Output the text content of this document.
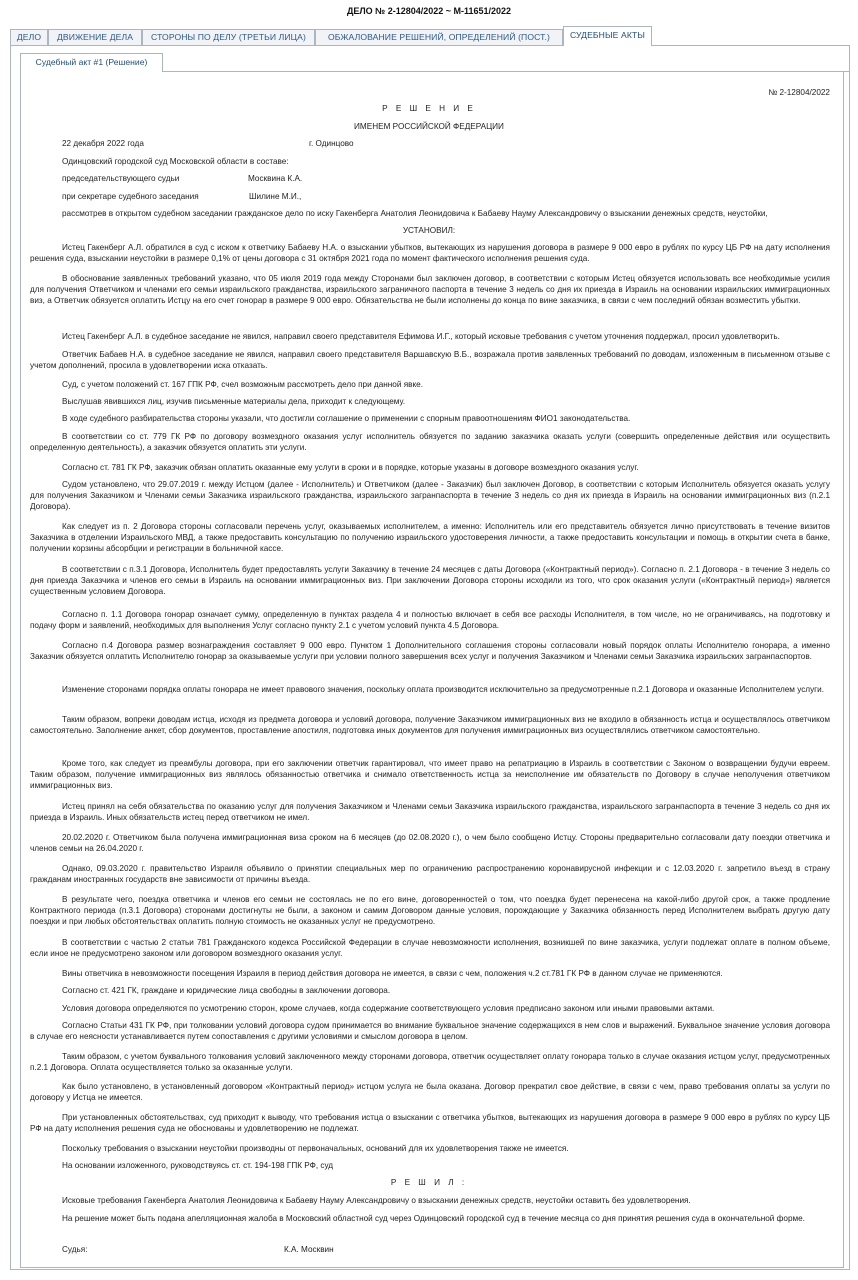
ДЕЛО № 2-12804/2022 ~ М-11651/2022
ДЕЛО	ДВИЖЕНИЕ ДЕЛА	СТОРОНЫ ПО ДЕЛУ (ТРЕТЬИ ЛИЦА)	ОБЖАЛОВАНИЕ РЕШЕНИЙ, ОПРЕДЕЛЕНИЙ (ПОСТ.)	СУДЕБНЫЕ АКТЫ
Судебный акт #1 (Решение)
№ 2-12804/2022
Р Е Ш Е Н И Е
ИМЕНЕМ РОССИЙСКОЙ ФЕДЕРАЦИИ
22 декабря 2022 года	г. Одинцово
Одинцовский городской суд Московской области в составе:
председательствующего судьи	Москвина К.А.
при секретаре судебного заседания	Шилине М.И.,
рассмотрев в открытом судебном заседании гражданское дело по иску Гакенберга Анатолия Леонидовича к Бабаеву Науму Александровичу о взыскании денежных средств, неустойки,
УСТАНОВИЛ:
Истец Гакенберг А.Л. обратился в суд с иском к ответчику Бабаеву Н.А. о взыскании убытков, вытекающих из нарушения договора в размере 9 000 евро в рублях по курсу ЦБ РФ на дату исполнения решения суда, взыскании неустойки в размере 0,1% от цены договора с 31 октября 2021 года по момент фактического исполнения решения суда.
В обоснование заявленных требований указано, что 05 июля 2019 года между Сторонами был заключен договор, в соответствии с которым Истец обязуется использовать все необходимые усилия для получения Ответчиком и членами его семьи израильского гражданства, израильского заграничного паспорта в течение 3 недель со дня их приезда в Израиль на основании израильских иммиграционных виз, а Ответчик обязуется оплатить Истцу на его счет гонорар в размере 9 000 евро. Обязательства не были исполнены до конца по вине заказчика, в связи с чем последний обязан возместить убытки.
Истец Гакенберг А.Л. в судебное заседание не явился, направил своего представителя Ефимова И.Г., который исковые требования с учетом уточнения поддержал, просил удовлетворить.
Ответчик Бабаев Н.А. в судебное заседание не явился, направил своего представителя Варшавскую В.Б., возражала против заявленных требований по доводам, изложенным в письменном отзыве с учетом дополнений, просила в удовлетворении иска отказать.
Суд, с учетом положений ст. 167 ГПК РФ, счел возможным рассмотреть дело при данной явке.
Выслушав явившихся лиц, изучив письменные материалы дела, приходит к следующему.
В ходе судебного разбирательства стороны указали, что достигли соглашение о применении с спорным правоотношениям ФИО1 законодательства.
В соответствии со ст. 779 ГК РФ по договору возмездного оказания услуг исполнитель обязуется по заданию заказчика оказать услуги (совершить определенные действия или осуществить определенную деятельность), а заказчик обязуется оплатить эти услуги.
Согласно ст. 781 ГК РФ, заказчик обязан оплатить оказанные ему услуги в сроки и в порядке, которые указаны в договоре возмездного оказания услуг.
Судом установлено, что 29.07.2019 г. между Истцом (далее - Исполнитель) и Ответчиком (далее - Заказчик) был заключен Договор, в соответствии с которым Исполнитель обязуется оказать услугу для получения Заказчиком и Членами семьи Заказчика израильского гражданства, израильского загранпаспорта в течение 3 недель со дня их приезда в Израиль на основании иммиграционных виз (п.2.1 Договора).
Как следует из п. 2 Договора стороны согласовали перечень услуг, оказываемых исполнителем, а именно: Исполнитель или его представитель обязуется лично присутствовать в течение визитов Заказчика в отделении Израильского МВД, а также предоставить консультацию по получению израильского удостоверения личности, а также предоставить консультации и помощь в открытии счета в банке, получении корзины абсорбции и регистрации в больничной кассе.
В соответствии с п.3.1 Договора, Исполнитель будет предоставлять услуги Заказчику в течение 24 месяцев с даты Договора («Контрактный период»). Согласно п. 2.1 Договора - в течение 3 недель со дня приезда Заказчика и членов его семьи в Израиль на основании иммиграционных виз. При заключении Договора стороны исходили из того, что срок оказания услуги («Контрактный период») является существенным условием Договора.
Согласно п. 1.1 Договора гонорар означает сумму, определенную в пунктах раздела 4 и полностью включает в себя все расходы Исполнителя, в том числе, но не ограничиваясь, на подготовку и подачу форм и заявлений, необходимых для выполнения Услуг согласно пункту 2.1 с учетом условий пункта 4.5 Договора.
Согласно п.4 Договора размер вознаграждения составляет 9 000 евро. Пунктом 1 Дополнительного соглашения стороны согласовали новый порядок оплаты Исполнителю гонорара, а именно Заказчик обязуется оплатить Исполнителю гонорар за оказываемые услуги при условии полного завершения всех услуг и получения Заказчиком и Членами семьи Заказчика израильских загранпаспортов.
Изменение сторонами порядка оплаты гонорара не имеет правового значения, поскольку оплата производится исключительно за предусмотренные п.2.1 Договора и оказанные Исполнителем услуги.
Таким образом, вопреки доводам истца, исходя из предмета договора и условий договора, получение Заказчиком иммиграционных виз не входило в обязанность истца и осуществлялось ответчиком самостоятельно. Заполнение анкет, сбор документов, проставление апостиля, подготовка иных документов для получения иммиграционных виз осуществлялись ответчиком самостоятельно.
Кроме того, как следует из преамбулы договора, при его заключении ответчик гарантировал, что имеет право на репатриацию в Израиль в соответствии с Законом о возвращении будучи евреем. Таким образом, получение иммиграционных виз являлось обязанностью ответчика и снимало ответственность истца за неисполнение им обязательств по Договору в случае неполучения ответчиком иммиграционных виз.
Истец принял на себя обязательства по оказанию услуг для получения Заказчиком и Членами семьи Заказчика израильского гражданства, израильского загранпаспорта в течение 3 недель со дня их приезда в Израиль. Иных обязательств истец перед ответчиком не имел.
20.02.2020 г. Ответчиком была получена иммиграционная виза сроком на 6 месяцев (до 02.08.2020 г.), о чем было сообщено Истцу. Стороны предварительно согласовали дату поездки ответчика и членов семьи на 26.04.2020 г.
Однако, 09.03.2020 г. правительство Израиля объявило о принятии специальных мер по ограничению распространению коронавирусной инфекции и с 12.03.2020 г. запретило въезд в страну гражданам иностранных государств вне зависимости от причины въезда.
В результате чего, поездка ответчика и членов его семьи не состоялась не по его вине, договоренностей о том, что поездка будет перенесена на какой-либо другой срок, а также продление Контрактного периода (п.3.1 Договора) сторонами достигнуты не были, а законом и самим Договором данные условия, порождающие у Заказчика обязанность перед Исполнителем выбрать другую дату поездки и при любых обстоятельствах оплатить полную стоимость не оказанных услуг не предусмотрено.
В соответствии с частью 2 статьи 781 Гражданского кодекса Российской Федерации в случае невозможности исполнения, возникшей по вине заказчика, услуги подлежат оплате в полном объеме, если иное не предусмотрено законом или договором возмездного оказания услуг.
Вины ответчика в невозможности посещения Израиля в период действия договора не имеется, в связи с чем, положения ч.2 ст.781 ГК РФ в данном случае не применяются.
Согласно ст. 421 ГК, граждане и юридические лица свободны в заключении договора.
Условия договора определяются по усмотрению сторон, кроме случаев, когда содержание соответствующего условия предписано законом или иными правовыми актами.
Согласно Статьи 431 ГК РФ, при толковании условий договора судом принимается во внимание буквальное значение содержащихся в нем слов и выражений. Буквальное значение условия договора в случае его неясности устанавливается путем сопоставления с другими условиями и смыслом договора в целом.
Таким образом, с учетом буквального толкования условий заключенного между сторонами договора, ответчик осуществляет оплату гонорара только в случае оказания истцом услуг, предусмотренных п.2.1 Договора. Оплата осуществляется только за оказанные услуги.
Как было установлено, в установленный договором «Контрактный период» истцом услуга не была оказана. Договор прекратил свое действие, в связи с чем, право требования оплаты за услуги по договору у Истца не имеется.
При установленных обстоятельствах, суд приходит к выводу, что требования истца о взыскании с ответчика убытков, вытекающих из нарушения договора в размере 9 000 евро в рублях по курсу ЦБ РФ на дату исполнения решения суда не обоснованы и удовлетворению не подлежат.
Поскольку требования о взыскании неустойки производны от первоначальных, оснований для их удовлетворения также не имеется.
На основании изложенного, руководствуясь ст. ст. 194-198 ГПК РФ, суд
Р Е Ш И Л :
Исковые требования Гакенберга Анатолия Леонидовича к Бабаеву Науму Александровичу о взыскании денежных средств, неустойки оставить без удовлетворения.
На решение может быть подана апелляционная жалоба в Московский областной суд через Одинцовский городской суд в течение месяца со дня принятия решения суда в окончательной форме.
Судья:	К.А. Москвин
